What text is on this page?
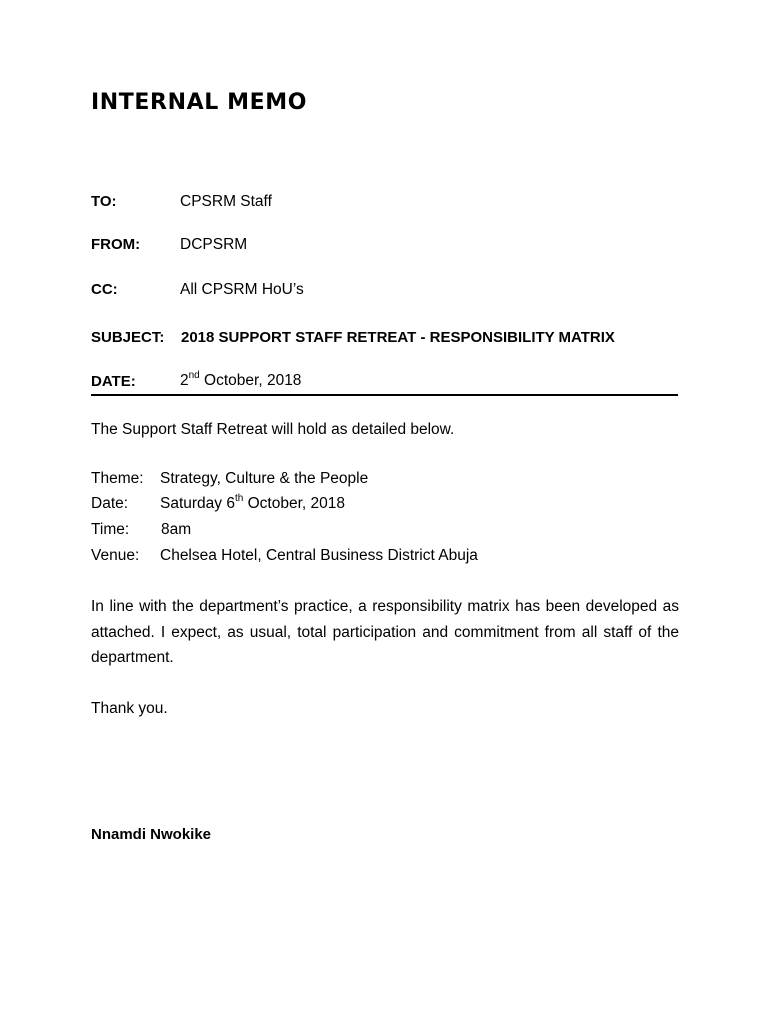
INTERNAL MEMO
TO:	CPSRM Staff
FROM:	DCPSRM
CC:	All CPSRM HoU’s
SUBJECT: 2018 SUPPORT STAFF RETREAT - RESPONSIBILITY MATRIX
DATE:	2nd October, 2018

The Support Staff Retreat will hold as detailed below.

Theme: Strategy, Culture & the People
Date: Saturday 6th October, 2018
Time: 8am
Venue: Chelsea Hotel, Central Business District Abuja

In line with the department’s practice, a responsibility matrix has been developed as attached. I expect, as usual, total participation and commitment from all staff of the department.

Thank you.

Nnamdi Nwokike
